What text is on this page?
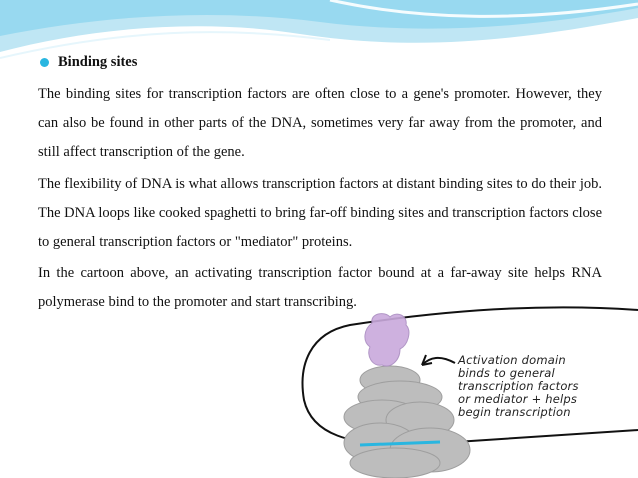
Binding sites

The binding sites for transcription factors are often close to a gene's promoter. However, they can also be found in other parts of the DNA, sometimes very far away from the promoter, and still affect transcription of the gene.

The flexibility of DNA is what allows transcription factors at distant binding sites to do their job. The DNA loops like cooked spaghetti to bring far-off binding sites and transcription factors close to general transcription factors or "mediator" proteins.

In the cartoon above, an activating transcription factor bound at a far-away site helps RNA polymerase bind to the promoter and start transcribing.

Activation domain
binds to general
transcription factors
or mediator + helps
begin transcription
